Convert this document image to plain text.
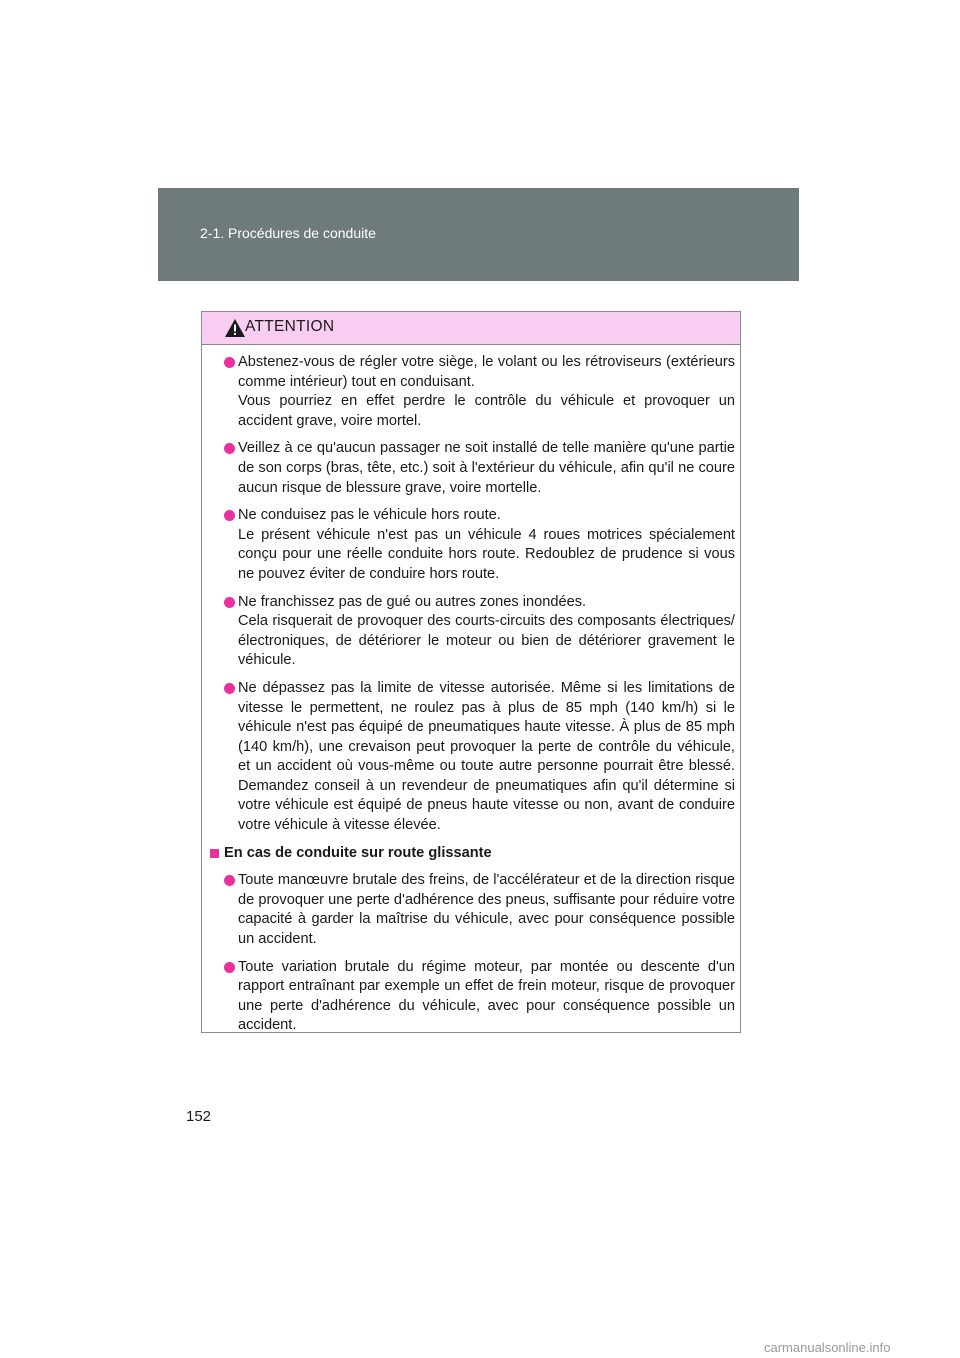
2-1. Procédures de conduite
ATTENTION

Abstenez-vous de régler votre siège, le volant ou les rétroviseurs (extérieurs comme intérieur) tout en conduisant.

Vous pourriez en effet perdre le contrôle du véhicule et provoquer un accident grave, voire mortel.

Veillez à ce qu'aucun passager ne soit installé de telle manière qu'une partie de son corps (bras, tête, etc.) soit à l'extérieur du véhicule, afin qu'il ne coure aucun risque de blessure grave, voire mortelle.

Ne conduisez pas le véhicule hors route.

Le présent véhicule n'est pas un véhicule 4 roues motrices spécialement conçu pour une réelle conduite hors route. Redoublez de prudence si vous ne pouvez éviter de conduire hors route.

Ne franchissez pas de gué ou autres zones inondées.

Cela risquerait de provoquer des courts-circuits des composants électriques/électroniques, de détériorer le moteur ou bien de détériorer gravement le véhicule.

Ne dépassez pas la limite de vitesse autorisée. Même si les limitations de vitesse le permettent, ne roulez pas à plus de 85 mph (140 km/h) si le véhicule n'est pas équipé de pneumatiques haute vitesse. À plus de 85 mph (140 km/h), une crevaison peut provoquer la perte de contrôle du véhicule, et un accident où vous-même ou toute autre personne pourrait être blessé. Demandez conseil à un revendeur de pneumatiques afin qu'il détermine si votre véhicule est équipé de pneus haute vitesse ou non, avant de conduire votre véhicule à vitesse élevée.

En cas de conduite sur route glissante

Toute manœuvre brutale des freins, de l'accélérateur et de la direction risque de provoquer une perte d'adhérence des pneus, suffisante pour réduire votre capacité à garder la maîtrise du véhicule, avec pour conséquence possible un accident.

Toute variation brutale du régime moteur, par montée ou descente d'un rapport entraînant par exemple un effet de frein moteur, risque de provoquer une perte d'adhérence du véhicule, avec pour conséquence possible un accident.

152
carmanualsonline.info
